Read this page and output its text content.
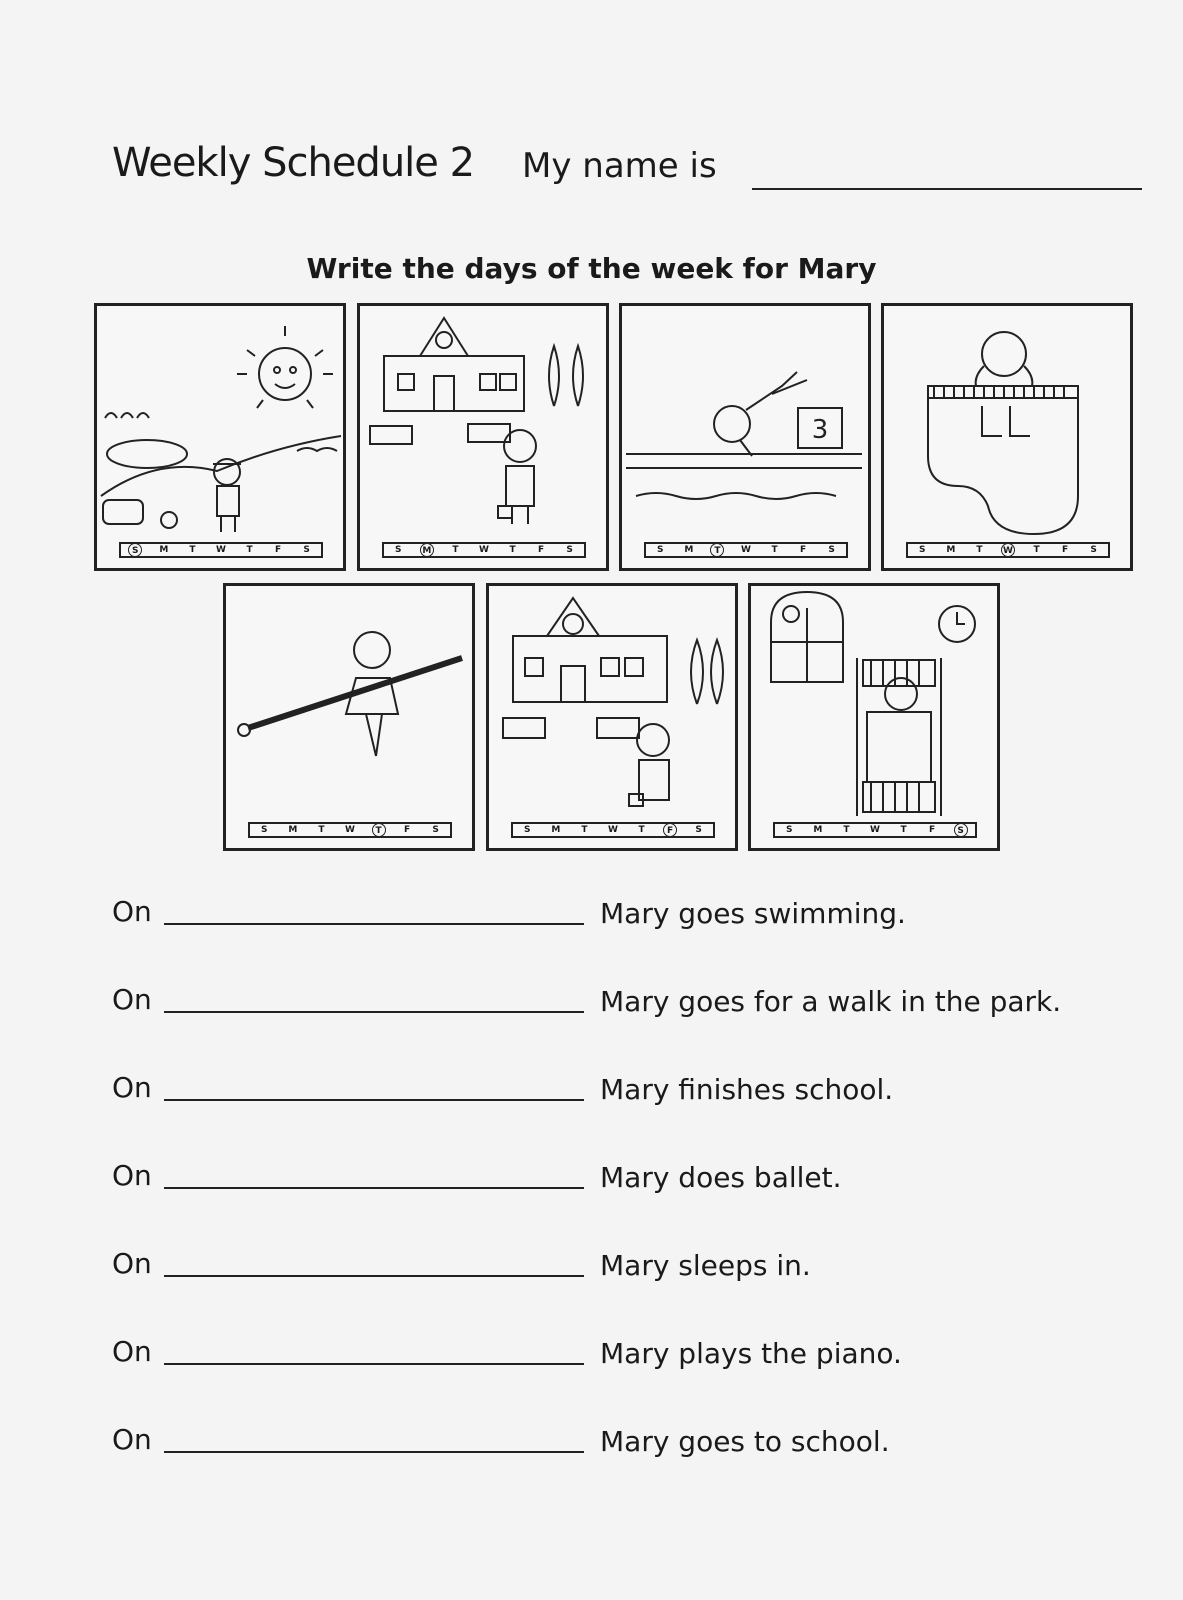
Weekly Schedule 2 My name is
Write the days of the week for Mary
S	M	T	W	T	F	S	S	M	T	W	T	F	S
3
S	M	T	W	T	F	S	S	M	T	W	T	F	S
S	M	T	W	T	F	S	S	M	T	W	T	F	S	S	M	T	W	T	F	S
On	Mary goes swimming.
On	Mary goes for a walk in the park.
On	Mary finishes school.
On	Mary does ballet.
On	Mary sleeps in.
On	Mary plays the piano.
On	Mary goes to school.
